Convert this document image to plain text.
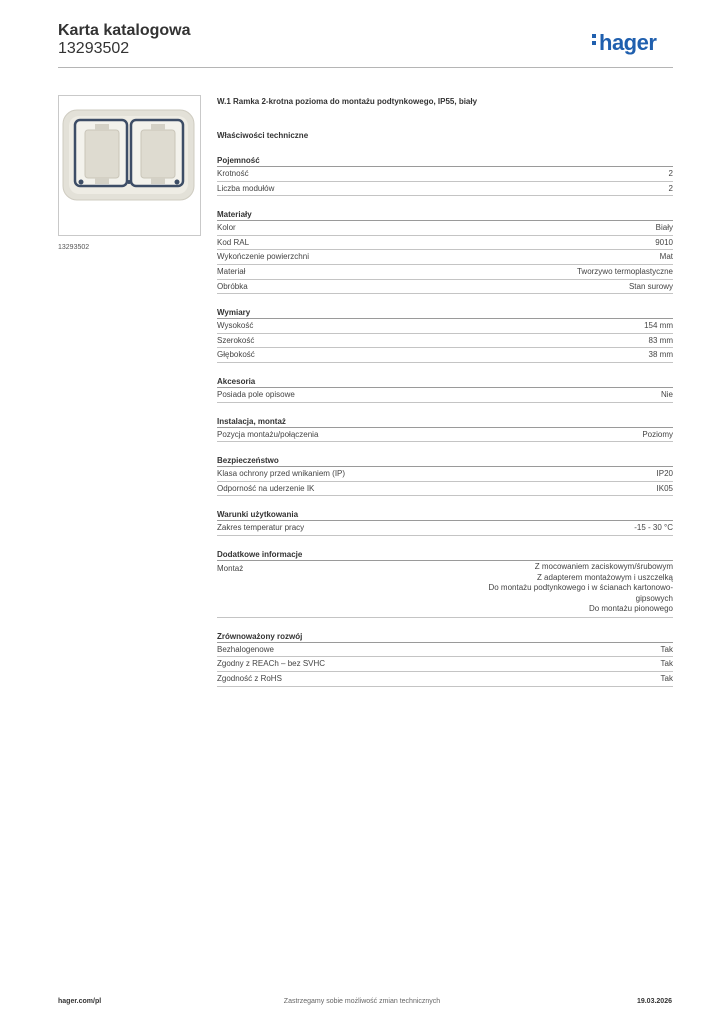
Karta katalogowa
13293502	hager
13293502
W.1 Ramka 2-krotna pozioma do montażu podtynkowego, IP55, biały
Właściwości techniczne
Pojemność
Krotność	2
Liczba modułów	2
Materiały
Kolor	Biały
Kod RAL	9010
Wykończenie powierzchni	Mat
Materiał	Tworzywo termoplastyczne
Obróbka	Stan surowy
Wymiary
Wysokość	154 mm
Szerokość	83 mm
Głębokość	38 mm
Akcesoria
Posiada pole opisowe	Nie
Instalacja, montaż
Pozycja montażu/połączenia	Poziomy
Bezpieczeństwo
Klasa ochrony przed wnikaniem (IP)	IP20
Odporność na uderzenie IK	IK05
Warunki użytkowania
Zakres temperatur pracy	-15 - 30 °C
Dodatkowe informacje
Montaż	Z mocowaniem zaciskowym/śrubowym
Z adapterem montażowym i uszczelką
Do montażu podtynkowego i w ścianach kartonowo-
gipsowych
Do montażu pionowego
Zrównoważony rozwój
Bezhalogenowe	Tak
Zgodny z REACh – bez SVHC	Tak
Zgodność z RoHS	Tak
hager.com/pl	Zastrzegamy sobie możliwość zmian technicznych	19.03.2026
